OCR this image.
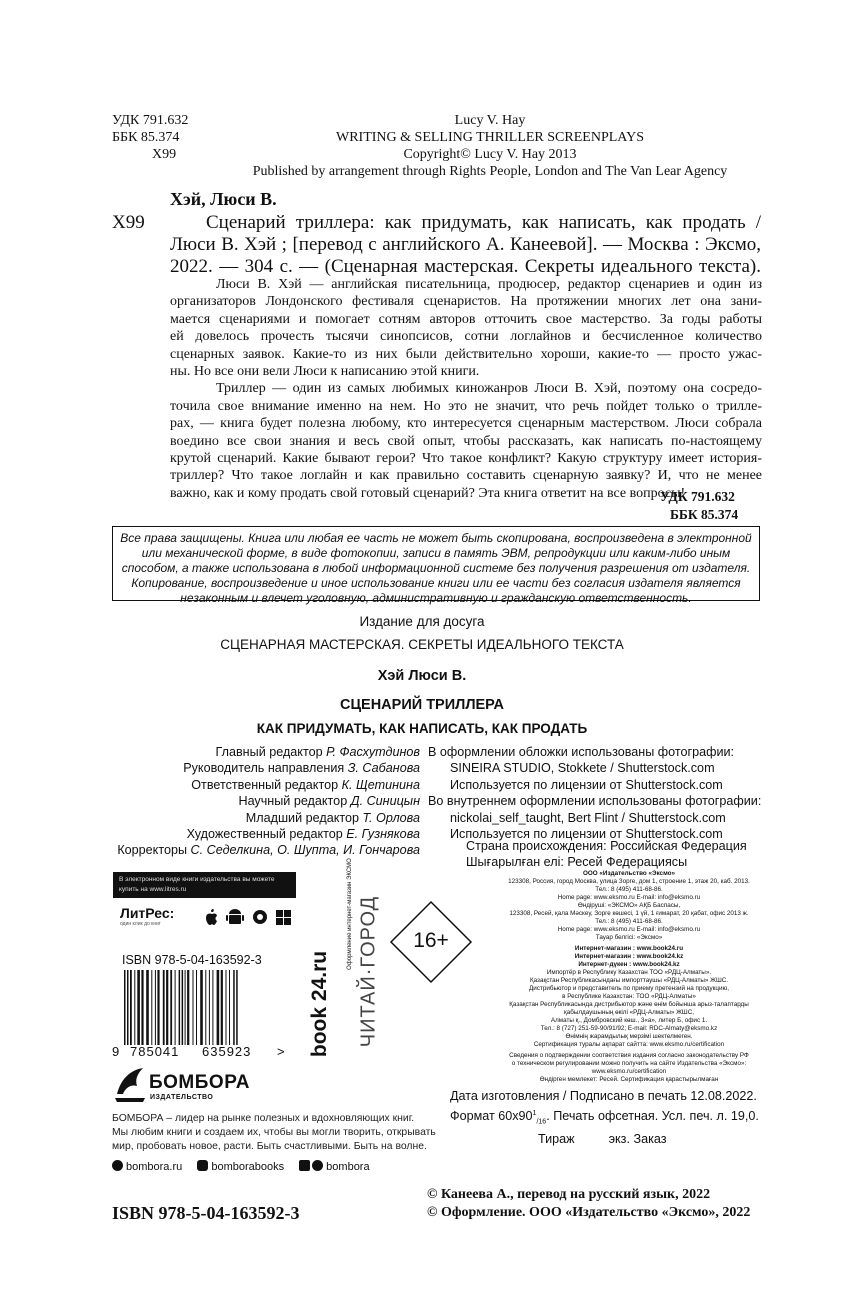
УДК 791.632
ББК 85.374
Х99
Lucy V. Hay
WRITING & SELLING THRILLER SCREENPLAYS
Copyright© Lucy V. Hay 2013
Published by arrangement through Rights People, London and The Van Lear Agency
Хэй, Люси В.
Х99	Сценарий триллера: как придумать, как написать, как продать /
Люси В. Хэй ; [перевод с английского А. Канеевой]. — Москва : Эксмо,
2022. — 304 с. — (Сценарная мастерская. Секреты идеального текста).
Люси В. Хэй — английская писательница, продюсер, редактор сценариев и один из
организаторов Лондонского фестиваля сценаристов. На протяжении многих лет она зани-
мается сценариями и помогает сотням авторов отточить свое мастерство. За годы работы
ей довелось прочесть тысячи синопсисов, сотни логлайнов и бесчисленное количество
сценарных заявок. Какие-то из них были действительно хороши, какие-то — просто ужас-
ны. Но все они вели Люси к написанию этой книги.
Триллер — один из самых любимых киножанров Люси В. Хэй, поэтому она сосредо-
точила свое внимание именно на нем. Но это не значит, что речь пойдет только о трилле-
рах, — книга будет полезна любому, кто интересуется сценарным мастерством. Люси собрала
воедино все свои знания и весь свой опыт, чтобы рассказать, как написать по-настоящему
крутой сценарий. Какие бывают герои? Что такое конфликт? Какую структуру имеет история-
триллер? Что такое логлайн и как правильно составить сценарную заявку? И, что не менее
важно, как и кому продать свой готовый сценарий? Эта книга ответит на все вопросы!
УДК 791.632
ББК 85.374
Все права защищены. Книга или любая ее часть не может быть скопирована, воспроизведена в электронной
или механической форме, в виде фотокопии, записи в память ЭВМ, репродукции или каким-либо иным
способом, а также использована в любой информационной системе без получения разрешения от издателя.
Копирование, воспроизведение и иное использование книги или ее части без согласия издателя является
незаконным и влечет уголовную, административную и гражданскую ответственность.
Издание для досуга
СЦЕНАРНАЯ МАСТЕРСКАЯ. СЕКРЕТЫ ИДЕАЛЬНОГО ТЕКСТА
Хэй Люси В.
СЦЕНАРИЙ ТРИЛЛЕРА
КАК ПРИДУМАТЬ, КАК НАПИСАТЬ, КАК ПРОДАТЬ
Главный редактор Р. Фасхутдинов
Руководитель направления З. Сабанова
Ответственный редактор К. Щетинина
Научный редактор Д. Синицын
Младший редактор Т. Орлова
Художественный редактор Е. Гузнякова
Корректоры С. Седелкина, О. Шупта, И. Гончарова
В оформлении обложки использованы фотографии:
SINEIRA STUDIO, Stokkete / Shutterstock.com
Используется по лицензии от Shutterstock.com
Во внутреннем оформлении использованы фотографии:
nickolai_self_taught, Bert Flint / Shutterstock.com
Используется по лицензии от Shutterstock.com
Страна происхождения: Российская Федерация
Шығарылған елі: Ресей Федерациясы
В электронном виде книги издательства вы можете
купить на www.litres.ru
ЛитРес:
один клик до книг
ISBN 978-5-04-163592-3
9 785041 635923 >
Оформление интернет-магазин ЭКСМО
book 24.ru ЧИТАЙ·ГОРОД	16+
ООО «Издательство «Эксмо»
123308, Россия, город Москва, улица Зорге, дом 1, строение 1, этаж 20, каб. 2013.
Тел.: 8 (495) 411-68-86.
Home page: www.eksmo.ru E-mail: info@eksmo.ru
Өндіруші: «ЭКСМО» АҚБ Баспасы,
123308, Ресей, қала Мәскеу, Зорге көшесі, 1 үй, 1 ғимарат, 20 қабат, офис 2013 ж.
Тел.: 8 (495) 411-68-86.
Home page: www.eksmo.ru E-mail: info@eksmo.ru
Тауар белгісі: «Эксмо»
Интернет-магазин : www.book24.ru
Интернет-магазин : www.book24.kz
Интернет-дүкен : www.book24.kz
Импортёр в Республику Казахстан ТОО «РДЦ-Алматы».
Қазақстан Республикасындағы импорттаушы «РДЦ-Алматы» ЖШС.
Дистрибьютор и представитель по приему претензий на продукцию,
в Республике Казахстан: ТОО «РДЦ-Алматы»
Қазақстан Республикасында дистрибьютор және өнім бойынша арыз-талаптарды
қабылдаушының өкілі «РДЦ-Алматы» ЖШС,
Алматы қ., Домбровский көш., 3«а», литер Б, офис 1.
Тел.: 8 (727) 251-59-90/91/92; E-mail: RDC-Almaty@eksmo.kz
Өнімнің жарамдылық мерзімі шектелмеген.
Сертификация туралы ақпарат сайтта: www.eksmo.ru/certification
Сведения о подтверждении соответствия издания согласно законодательству РФ
о техническом регулировании можно получить на сайте Издательства «Эксмо»:
www.eksmo.ru/certification
Өндірген мемлекет: Ресей. Сертификация қарастырылмаған
Дата изготовления / Подписано в печать 12.08.2022.
Формат $60x90^1_{/16}$. Печать офсетная. Усл. печ. л. 19,0.
Тираж	экз. Заказ
БОМБОРА
ИЗДАТЕЛЬСТВО
БОМБОРА – лидер на рынке полезных и вдохновляющих книг.
Мы любим книги и создаем их, чтобы вы могли творить, открывать
мир, пробовать новое, расти. Быть счастливыми. Быть на волне.
bombora.ru	bomborabooks	bombora
ISBN 978-5-04-163592-3
© Канеева А., перевод на русский язык, 2022
© Оформление. ООО «Издательство «Эксмо», 2022
